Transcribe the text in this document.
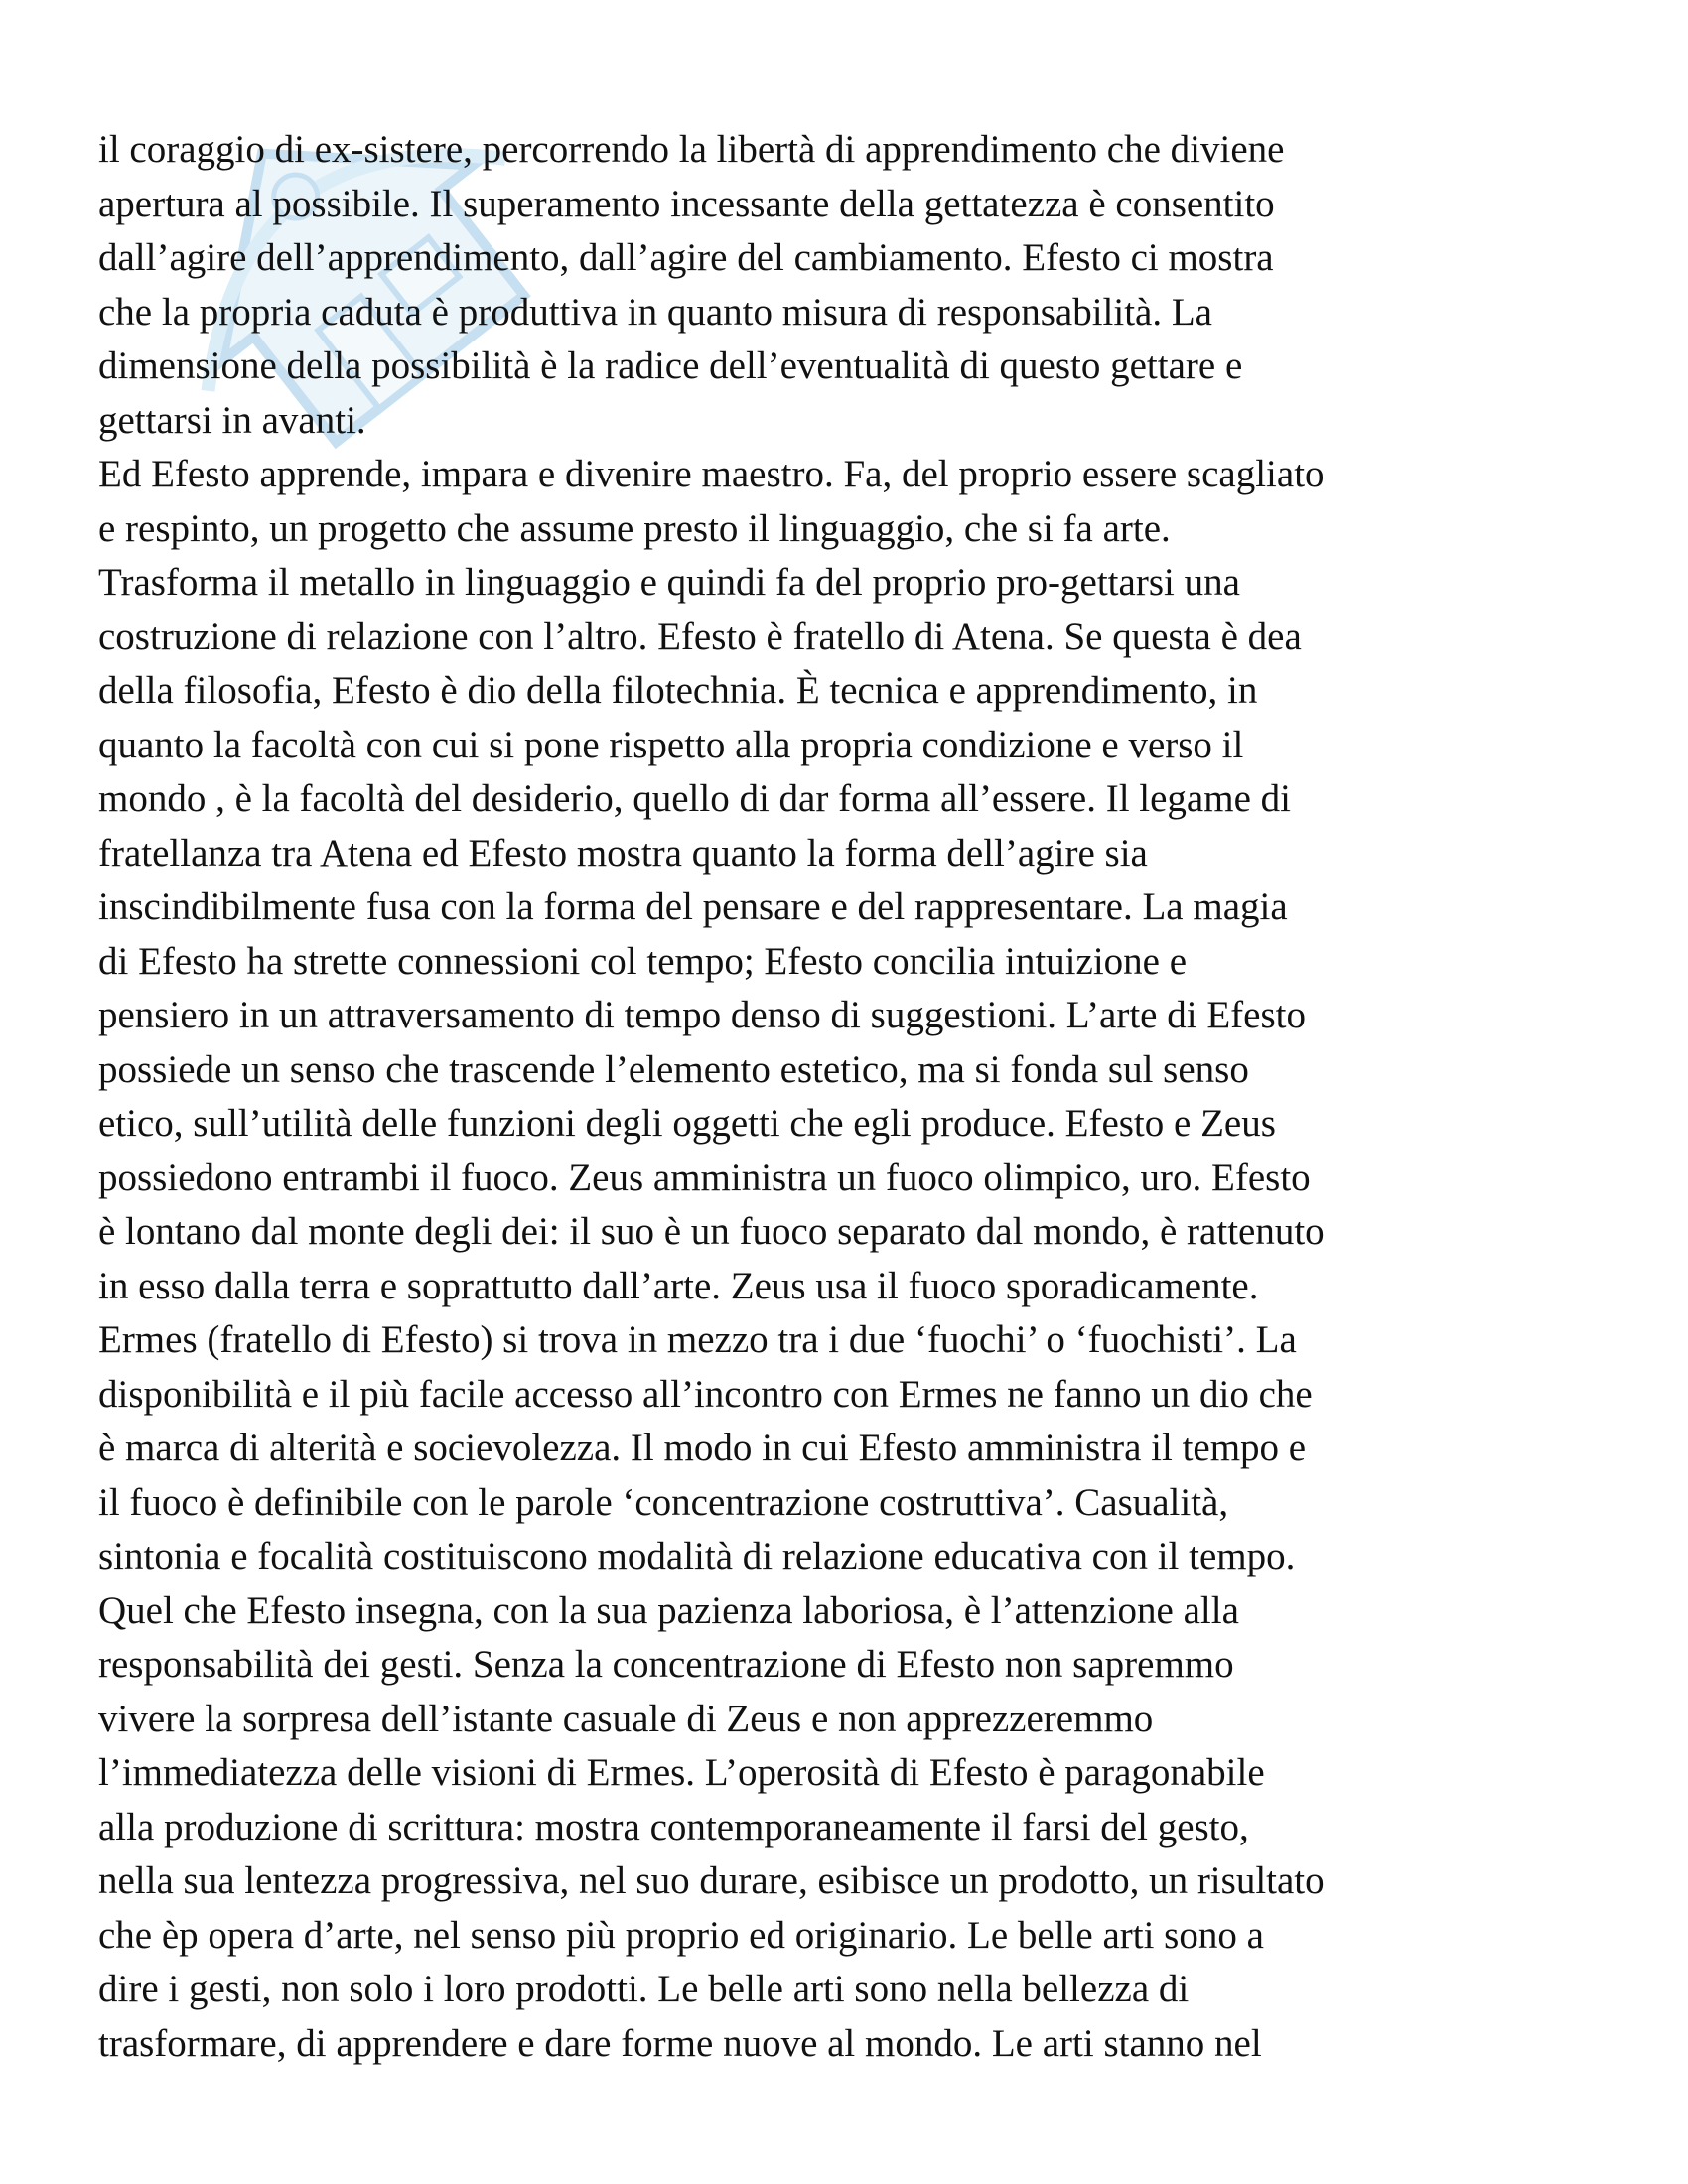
il coraggio di ex-sistere, percorrendo la libertà di apprendimento che diviene
apertura al possibile. Il superamento incessante della gettatezza è consentito
dall’agire dell’apprendimento, dall’agire del cambiamento. Efesto ci mostra
che la propria caduta è produttiva in quanto misura di responsabilità. La
dimensione della possibilità è la radice dell’eventualità di questo gettare e
gettarsi in avanti.
Ed Efesto apprende, impara e divenire maestro. Fa, del proprio essere scagliato
e respinto, un progetto che assume presto il linguaggio, che si fa arte.
Trasforma il metallo in linguaggio e quindi fa del proprio pro-gettarsi una
costruzione di relazione con l’altro. Efesto è fratello di Atena. Se questa è dea
della filosofia, Efesto è dio della filotechnia. È tecnica e apprendimento, in
quanto la facoltà con cui si pone rispetto alla propria condizione e verso il
mondo , è la facoltà del desiderio, quello di dar forma all’essere. Il legame di
fratellanza tra Atena ed Efesto mostra quanto la forma dell’agire sia
inscindibilmente fusa con la forma del pensare e del rappresentare. La magia
di Efesto ha strette connessioni col tempo; Efesto concilia intuizione e
pensiero in un attraversamento di tempo denso di suggestioni. L’arte di Efesto
possiede un senso che trascende l’elemento estetico, ma si fonda sul senso
etico, sull’utilità delle funzioni degli oggetti che egli produce. Efesto e Zeus
possiedono entrambi il fuoco. Zeus amministra un fuoco olimpico, uro. Efesto
è lontano dal monte degli dei: il suo è un fuoco separato dal mondo, è rattenuto
in esso dalla terra e soprattutto dall’arte. Zeus usa il fuoco sporadicamente.
Ermes (fratello di Efesto) si trova in mezzo tra i due ‘fuochi’ o ‘fuochisti’. La
disponibilità e il più facile accesso all’incontro con Ermes ne fanno un dio che
è marca di alterità e socievolezza. Il modo in cui Efesto amministra il tempo e
il fuoco è definibile con le parole ‘concentrazione costruttiva’. Casualità,
sintonia e focalità costituiscono modalità di relazione educativa con il tempo.
Quel che Efesto insegna, con la sua pazienza laboriosa, è l’attenzione alla
responsabilità dei gesti. Senza la concentrazione di Efesto non sapremmo
vivere la sorpresa dell’istante casuale di Zeus e non apprezzeremmo
l’immediatezza delle visioni di Ermes. L’operosità di Efesto è paragonabile
alla produzione di scrittura: mostra contemporaneamente il farsi del gesto,
nella sua lentezza progressiva, nel suo durare, esibisce un prodotto, un risultato
che èp opera d’arte, nel senso più proprio ed originario. Le belle arti sono a
dire i gesti, non solo i loro prodotti. Le belle arti sono nella bellezza di
trasformare, di apprendere e dare forme nuove al mondo. Le arti stanno nel
